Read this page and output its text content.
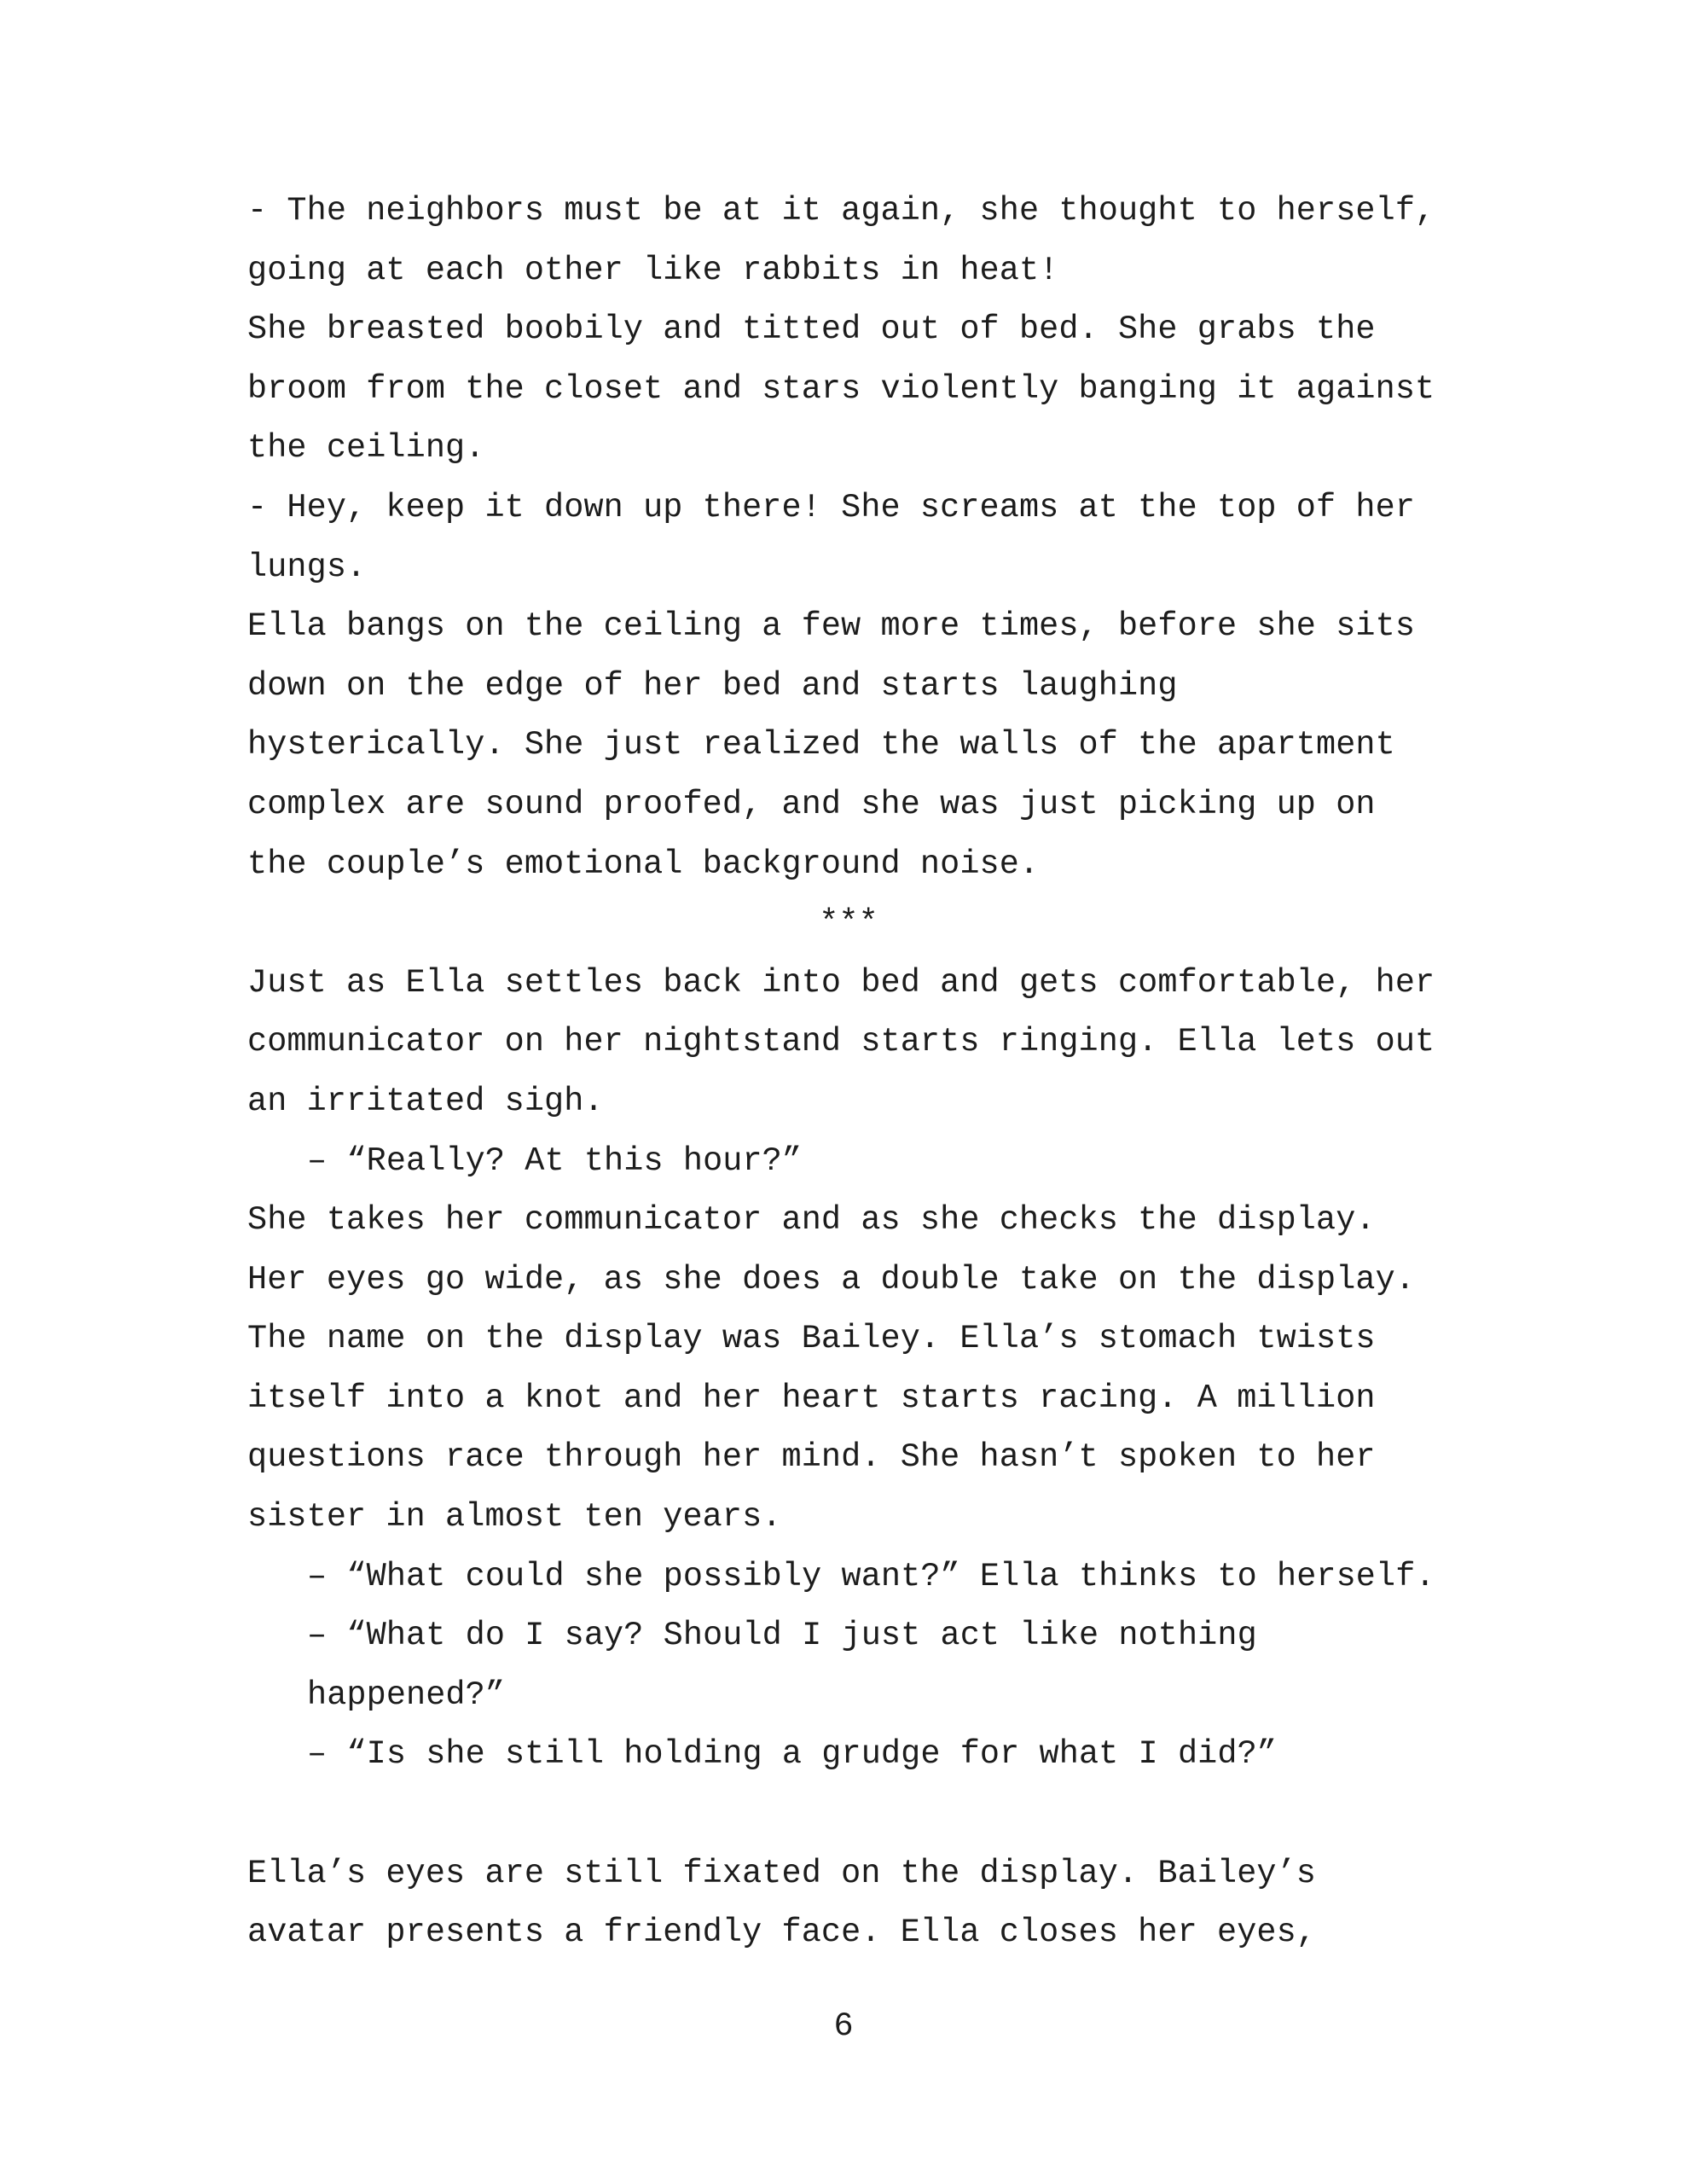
- The neighbors must be at it again, she thought to herself,
going at each other like rabbits in heat!
She breasted boobily and titted out of bed. She grabs the
broom from the closet and stars violently banging it against
the ceiling.
- Hey, keep it down up there! She screams at the top of her
lungs.
Ella bangs on the ceiling a few more times, before she sits
down on the edge of her bed and starts laughing
hysterically. She just realized the walls of the apartment
complex are sound proofed, and she was just picking up on
the couple’s emotional background noise.
***
Just as Ella settles back into bed and gets comfortable, her
communicator on her nightstand starts ringing. Ella lets out
an irritated sigh.
– “Really? At this hour?”
She takes her communicator and as she checks the display.
Her eyes go wide, as she does a double take on the display.
The name on the display was Bailey. Ella’s stomach twists
itself into a knot and her heart starts racing. A million
questions race through her mind. She hasn’t spoken to her
sister in almost ten years.
– “What could she possibly want?” Ella thinks to herself.
– “What do I say? Should I just act like nothing
happened?”
– “Is she still holding a grudge for what I did?”
Ella’s eyes are still fixated on the display. Bailey’s
avatar presents a friendly face. Ella closes her eyes,
6
